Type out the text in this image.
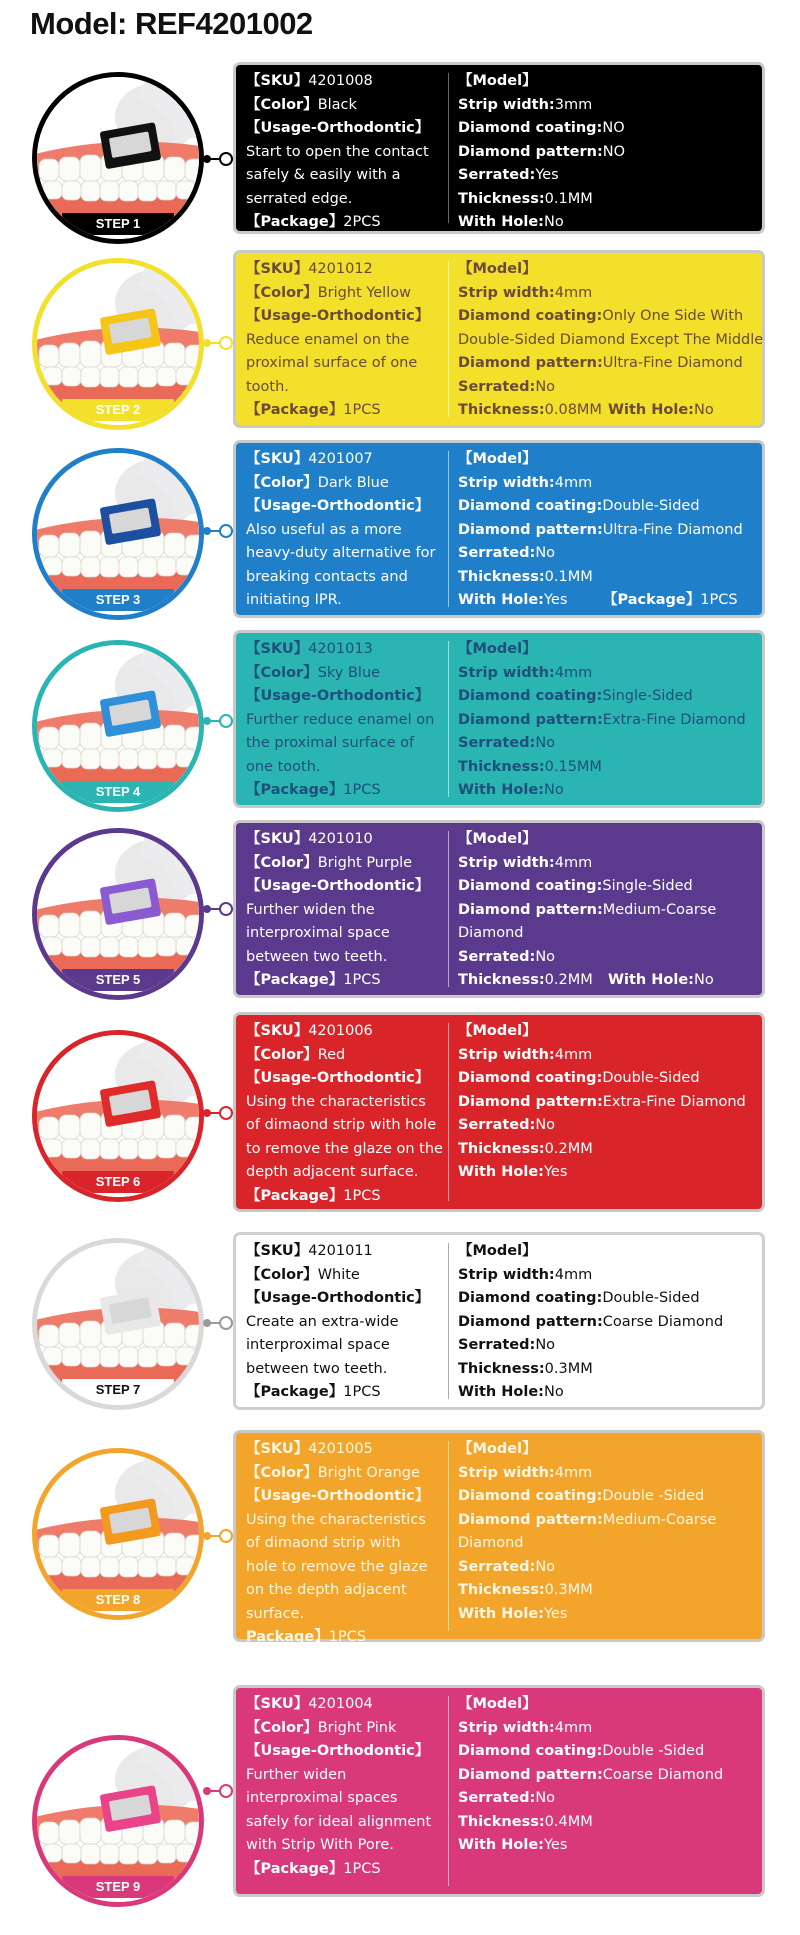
Model: REF4201002
STEP 1
【SKU】4201008
【Color】Black
【Usage-Orthodontic】
Start to open the contact
safely & easily with a
serrated edge.
【Package】2PCS
【Model】
Strip width:3mm
Diamond coating:NO
Diamond pattern:NO
Serrated:Yes
Thickness:0.1MM
With Hole:No
STEP 2
【SKU】4201012
【Color】Bright Yellow
【Usage-Orthodontic】
Reduce enamel on the
proximal surface of one
tooth.
【Package】1PCS
【Model】
Strip width:4mm
Diamond coating:Only One Side With
Double-Sided Diamond Except The Middle
Diamond pattern:Ultra-Fine Diamond
Serrated:No
Thickness:0.08MM With Hole:No
STEP 3
【SKU】4201007
【Color】Dark Blue
【Usage-Orthodontic】
Also useful as a more
heavy-duty alternative for
breaking contacts and
initiating IPR.
【Model】
Strip width:4mm
Diamond coating:Double-Sided
Diamond pattern:Ultra-Fine Diamond
Serrated:No
Thickness:0.1MM
With Hole:Yes 【Package】1PCS
STEP 4
【SKU】4201013
【Color】Sky Blue
【Usage-Orthodontic】
Further reduce enamel on
the proximal surface of
one tooth.
【Package】1PCS
【Model】
Strip width:4mm
Diamond coating:Single-Sided
Diamond pattern:Extra-Fine Diamond
Serrated:No
Thickness:0.15MM
With Hole:No
STEP 5
【SKU】4201010
【Color】Bright Purple
【Usage-Orthodontic】
Further widen the
interproximal space
between two teeth.
【Package】1PCS
【Model】
Strip width:4mm
Diamond coating:Single-Sided
Diamond pattern:Medium-Coarse
Diamond
Serrated:No
Thickness:0.2MM With Hole:No
STEP 6
【SKU】4201006
【Color】Red
【Usage-Orthodontic】
Using the characteristics
of dimaond strip with hole
to remove the glaze on the
depth adjacent surface.
【Package】1PCS
【Model】
Strip width:4mm
Diamond coating:Double-Sided
Diamond pattern:Extra-Fine Diamond
Serrated:No
Thickness:0.2MM
With Hole:Yes
STEP 7
【SKU】4201011
【Color】White
【Usage-Orthodontic】
Create an extra-wide
interproximal space
between two teeth.
【Package】1PCS
【Model】
Strip width:4mm
Diamond coating:Double-Sided
Diamond pattern:Coarse Diamond
Serrated:No
Thickness:0.3MM
With Hole:No
STEP 8
【SKU】4201005
【Color】Bright Orange
【Usage-Orthodontic】
Using the characteristics
of dimaond strip with
hole to remove the glaze
on the depth adjacent
surface.
Package】1PCS
【Model】
Strip width:4mm
Diamond coating:Double -Sided
Diamond pattern:Medium-Coarse
Diamond
Serrated:No
Thickness:0.3MM
With Hole:Yes
STEP 9
【SKU】4201004
【Color】Bright Pink
【Usage-Orthodontic】
Further widen
interproximal spaces
safely for ideal alignment
with Strip With Pore.
【Package】1PCS
【Model】
Strip width:4mm
Diamond coating:Double -Sided
Diamond pattern:Coarse Diamond
Serrated:No
Thickness:0.4MM
With Hole:Yes
